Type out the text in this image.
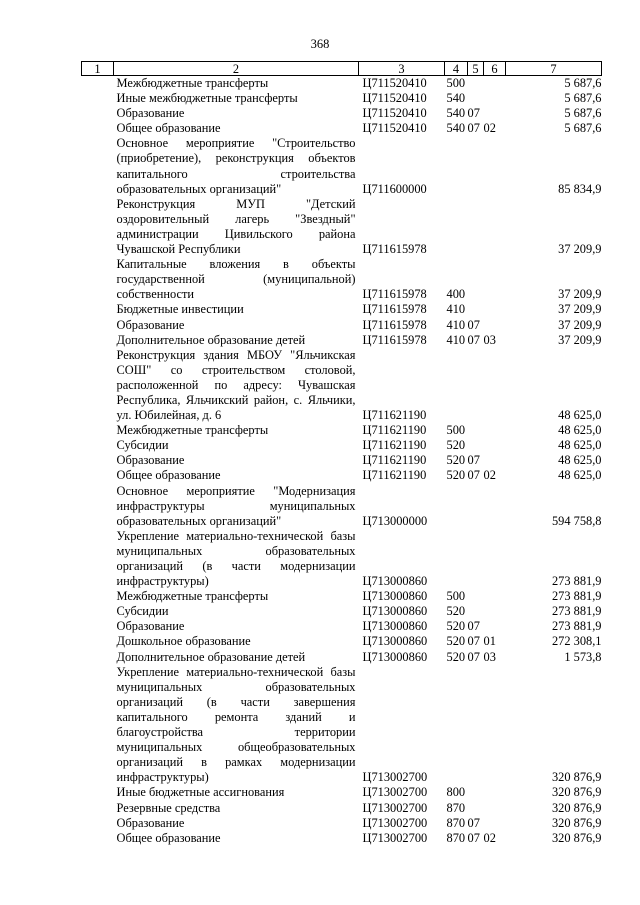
368
1	2	3	4	5	6	7
	Межбюджетные трансферты	Ц711520410	500			5 687,6
	Иные межбюджетные трансферты	Ц711520410	540			5 687,6
	Образование	Ц711520410	540	07		5 687,6
	Общее образование	Ц711520410	540	07	02	5 687,6
	Основное мероприятие "Строительство (приобретение), реконструкция объектов капитального строительства образовательных организаций"	Ц711600000				85 834,9
	Реконструкция МУП "Детский оздоровительный лагерь "Звездный" администрации Цивильского района Чувашской Республики	Ц711615978				37 209,9
	Капитальные вложения в объекты государственной (муниципальной) собственности	Ц711615978	400			37 209,9
	Бюджетные инвестиции	Ц711615978	410			37 209,9
	Образование	Ц711615978	410	07		37 209,9
	Дополнительное образование детей	Ц711615978	410	07	03	37 209,9
	Реконструкция здания МБОУ "Яльчикская СОШ" со строительством столовой, расположенной по адресу: Чувашская Республика, Яльчикский район, с. Яльчики, ул. Юбилейная, д. 6	Ц711621190				48 625,0
	Межбюджетные трансферты	Ц711621190	500			48 625,0
	Субсидии	Ц711621190	520			48 625,0
	Образование	Ц711621190	520	07		48 625,0
	Общее образование	Ц711621190	520	07	02	48 625,0
	Основное мероприятие "Модернизация инфраструктуры муниципальных образовательных организаций"	Ц713000000				594 758,8
	Укрепление материально-технической базы муниципальных образовательных организаций (в части модернизации инфраструктуры)	Ц713000860				273 881,9
	Межбюджетные трансферты	Ц713000860	500			273 881,9
	Субсидии	Ц713000860	520			273 881,9
	Образование	Ц713000860	520	07		273 881,9
	Дошкольное образование	Ц713000860	520	07	01	272 308,1
	Дополнительное образование детей	Ц713000860	520	07	03	1 573,8
	Укрепление материально-технической базы муниципальных образовательных организаций (в части завершения капитального ремонта зданий и благоустройства территории муниципальных общеобразовательных организаций в рамках модернизации инфраструктуры)	Ц713002700				320 876,9
	Иные бюджетные ассигнования	Ц713002700	800			320 876,9
	Резервные средства	Ц713002700	870			320 876,9
	Образование	Ц713002700	870	07		320 876,9
	Общее образование	Ц713002700	870	07	02	320 876,9
